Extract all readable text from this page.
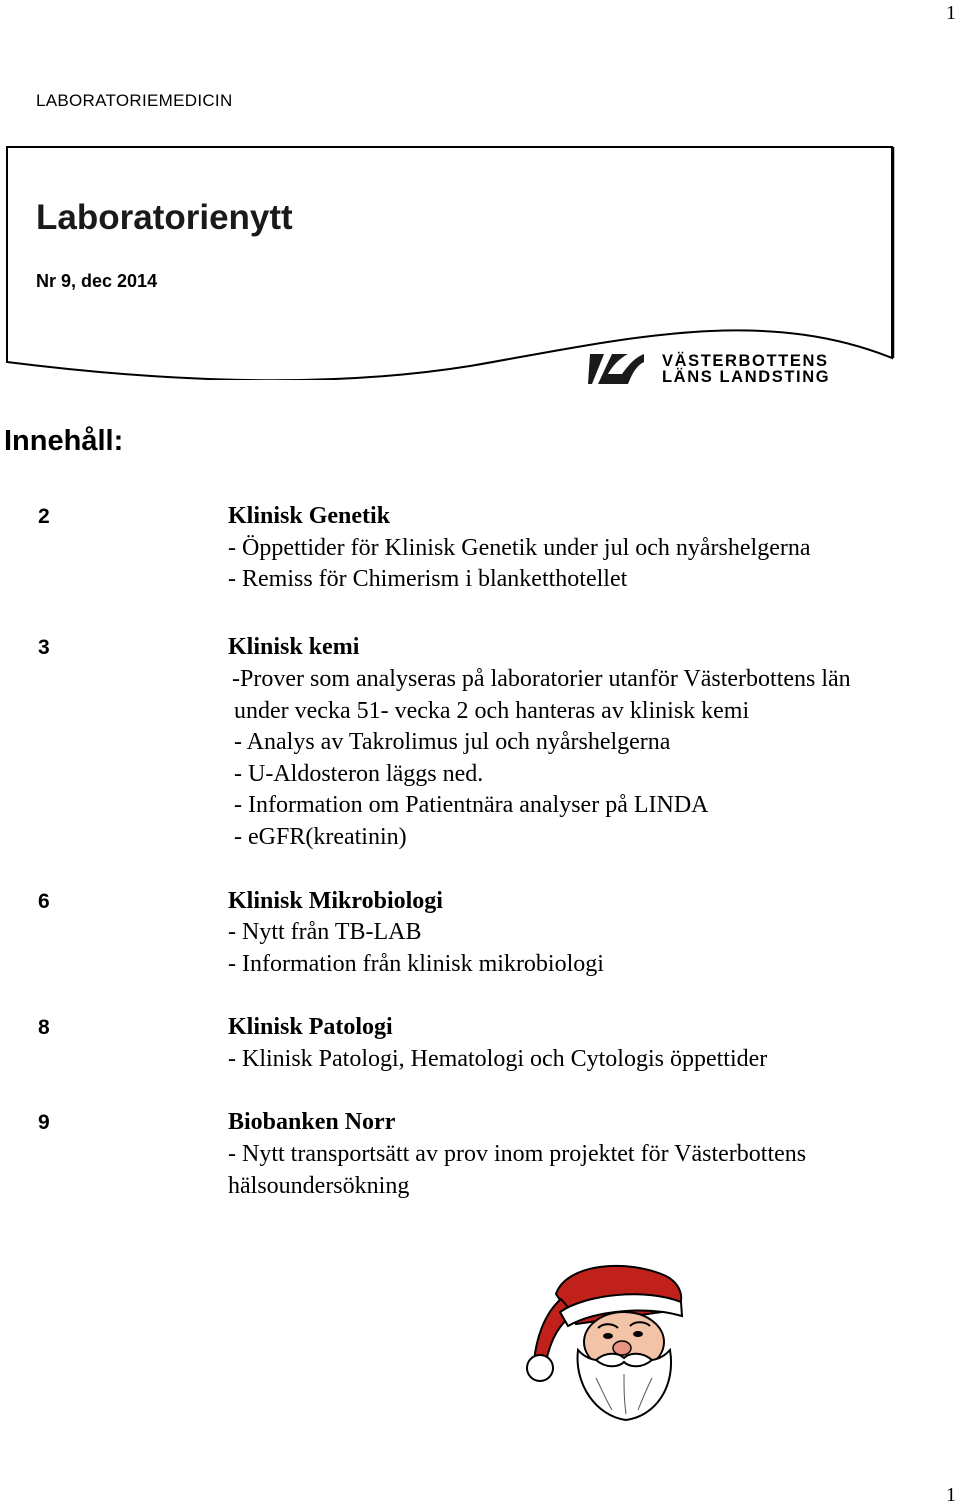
1
1
LABORATORIEMEDICIN
Laboratorienytt
Nr 9, dec 2014
VÄSTERBOTTENS
LÄNS LANDSTING
Innehåll:
2	Klinisk Genetik
- Öppettider för Klinisk Genetik under jul och nyårshelgerna
- Remiss för Chimerism i blanketthotellet
3	Klinisk kemi
-Prover som analyseras på laboratorier utanför Västerbottens län
under vecka 51- vecka 2 och hanteras av klinisk kemi
- Analys av Takrolimus jul och nyårshelgerna
- U-Aldosteron läggs ned.
- Information om Patientnära analyser på LINDA
- eGFR(kreatinin)
6	Klinisk Mikrobiologi
- Nytt från TB-LAB
- Information från klinisk mikrobiologi
8	Klinisk Patologi
- Klinisk Patologi, Hematologi och Cytologis öppettider
9	Biobanken Norr
- Nytt transportsätt av prov inom projektet för Västerbottens
hälsoundersökning
